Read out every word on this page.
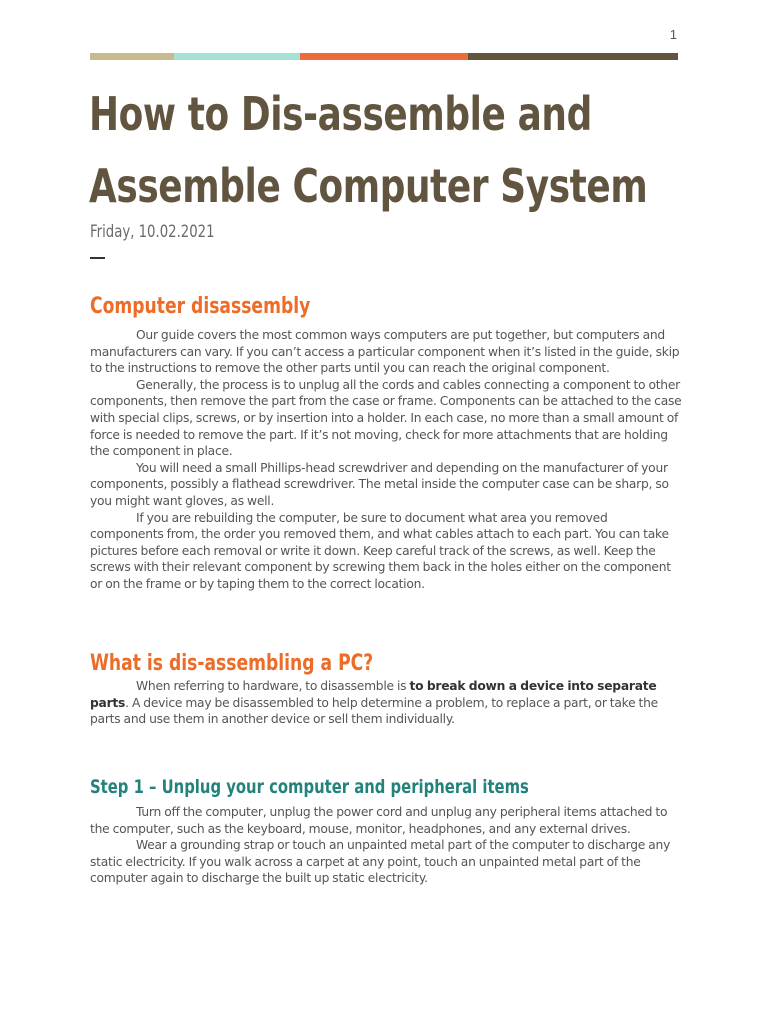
1
How to Dis-assemble and
Assemble Computer System
Friday, 10.02.2021
Computer disassembly
Our guide covers the most common ways computers are put together, but computers and manufacturers can vary. If you can’t access a particular component when it’s listed in the guide, skip to the instructions to remove the other parts until you can reach the original component.
Generally, the process is to unplug all the cords and cables connecting a component to other components, then remove the part from the case or frame. Components can be attached to the case with special clips, screws, or by insertion into a holder. In each case, no more than a small amount of force is needed to remove the part. If it’s not moving, check for more attachments that are holding the component in place.
You will need a small Phillips-head screwdriver and depending on the manufacturer of your components, possibly a flathead screwdriver. The metal inside the computer case can be sharp, so you might want gloves, as well.
If you are rebuilding the computer, be sure to document what area you removed components from, the order you removed them, and what cables attach to each part. You can take pictures before each removal or write it down. Keep careful track of the screws, as well. Keep the screws with their relevant component by screwing them back in the holes either on the component or on the frame or by taping them to the correct location.
What is dis-assembling a PC?
When referring to hardware, to disassemble is to break down a device into separate parts. A device may be disassembled to help determine a problem, to replace a part, or take the parts and use them in another device or sell them individually.
Step 1 – Unplug your computer and peripheral items
Turn off the computer, unplug the power cord and unplug any peripheral items attached to the computer, such as the keyboard, mouse, monitor, headphones, and any external drives.
Wear a grounding strap or touch an unpainted metal part of the computer to discharge any static electricity. If you walk across a carpet at any point, touch an unpainted metal part of the computer again to discharge the built up static electricity.
